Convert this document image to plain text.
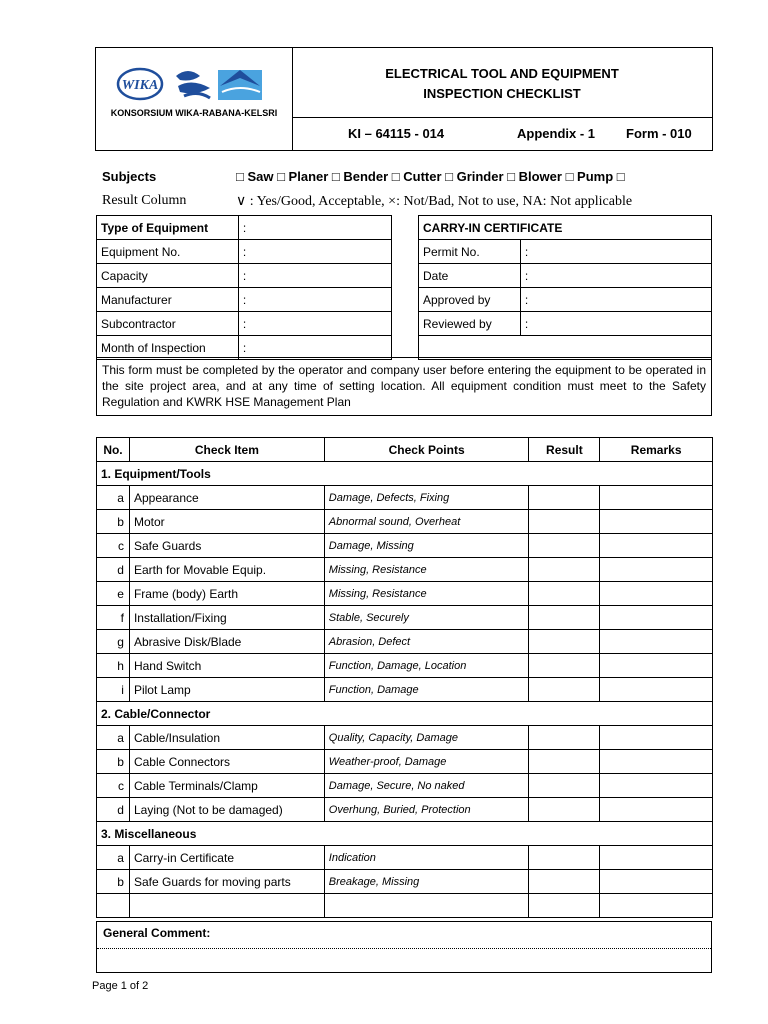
WIKA
KONSORSIUM WIKA-RABANA-KELSRI
ELECTRICAL TOOL AND EQUIPMENT
INSPECTION CHECKLIST
KI – 64115 - 014	Appendix - 1 Form - 010
Subjects	□ Saw □ Planer □ Bender □ Cutter □ Grinder □ Blower □ Pump □
Result Column	∨ : Yes/Good, Acceptable, ×: Not/Bad, Not to use, NA: Not applicable
Type of Equipment	:
Equipment No.	:
Capacity	:
Manufacturer	:
Subcontractor	:
Month of Inspection	:
CARRY-IN CERTIFICATE	
Permit No.	:
Date	:
Approved by	:
Reviewed by	:

This form must be completed by the operator and company user before entering the equipment to be operated in the site project area, and at any time of setting location. All equipment condition must meet to the Safety Regulation and KWRK HSE Management Plan
No.	Check Item	Check Points	Result	Remarks
1. Equipment/Tools				
a	Appearance	Damage, Defects, Fixing		
b	Motor	Abnormal sound, Overheat		
c	Safe Guards	Damage, Missing		
d	Earth for Movable Equip.	Missing, Resistance		
e	Frame (body) Earth	Missing, Resistance		
f	Installation/Fixing	Stable, Securely		
g	Abrasive Disk/Blade	Abrasion, Defect		
h	Hand Switch	Function, Damage, Location		
i	Pilot Lamp	Function, Damage		
2. Cable/Connector				
a	Cable/Insulation	Quality, Capacity, Damage		
b	Cable Connectors	Weather-proof, Damage		
c	Cable Terminals/Clamp	Damage, Secure, No naked		
d	Laying (Not to be damaged)	Overhung, Buried, Protection		
3. Miscellaneous				
a	Carry-in Certificate	Indication		
b	Safe Guards for moving parts	Breakage, Missing		

General Comment:
Page 1 of 2
